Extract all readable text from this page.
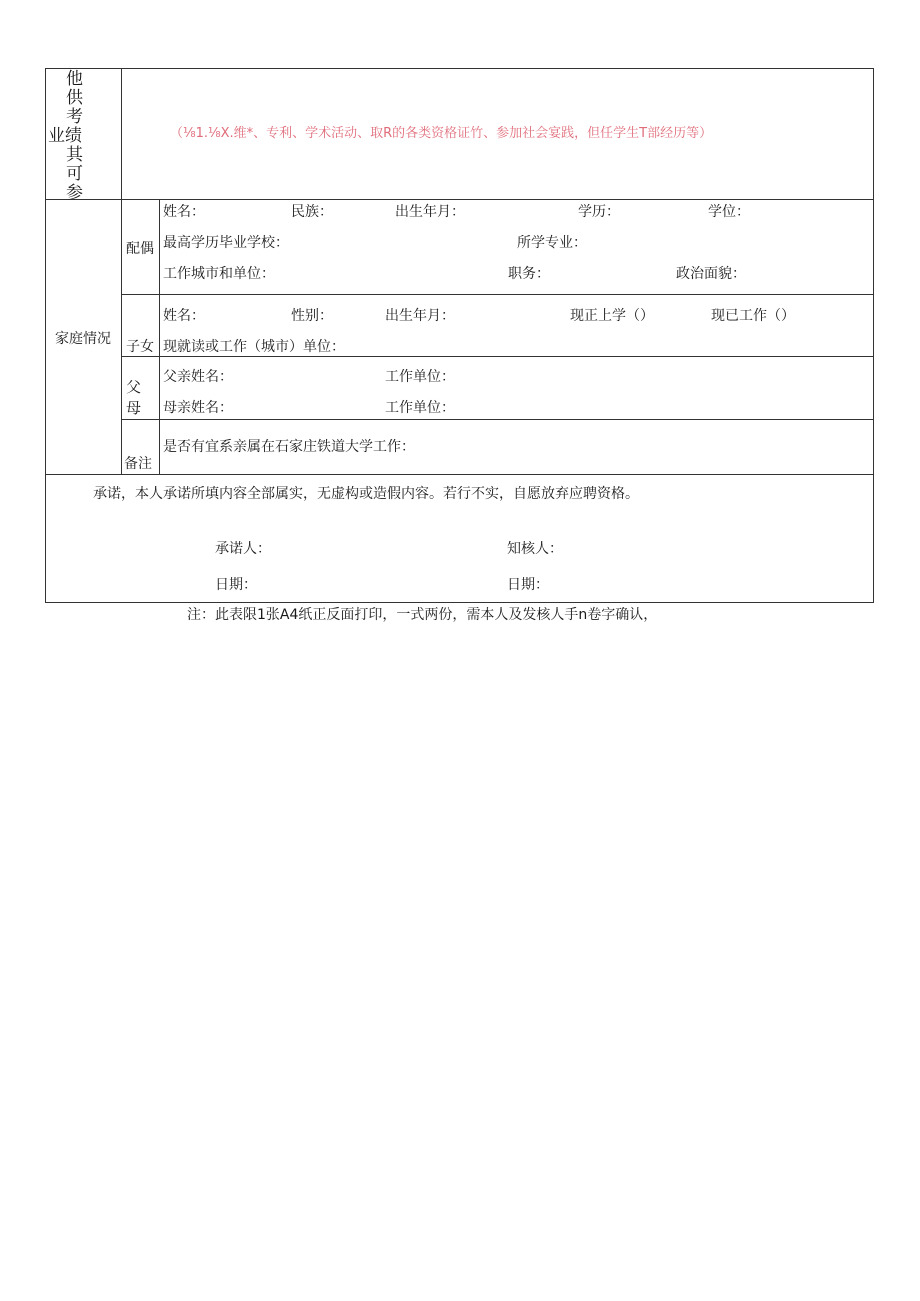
他
供
考
业绩
其
可
参
（⅛1.⅛X.维*、专利、学术活动、取R的各类资格证竹、参加社会宴践，但任学生T部经历等）
家庭情况
配偶
姓名：	民族：	出生年月：	学历：	学位：
最高学历毕业学校：	所学专业：
工作城市和单位：	职务：	政治面貌：
子女
姓名：	性别：	出生年月：	现正上学（）	现已工作（）
现就读或工作（城市）单位：
父
母
父亲姓名：	工作单位：
母亲姓名：	工作单位：
备注
是否有宜系亲属在石家庄铁道大学工作：
承诺，本人承诺所填内容全部属实，无虚构或造假内容。若行不实，自愿放弃应聘资格。
承诺人：	知核人：
日期：	日期：
注：此表限1张A4纸正反面打印，一式两份，需本人及发核人手n卷字确认，
